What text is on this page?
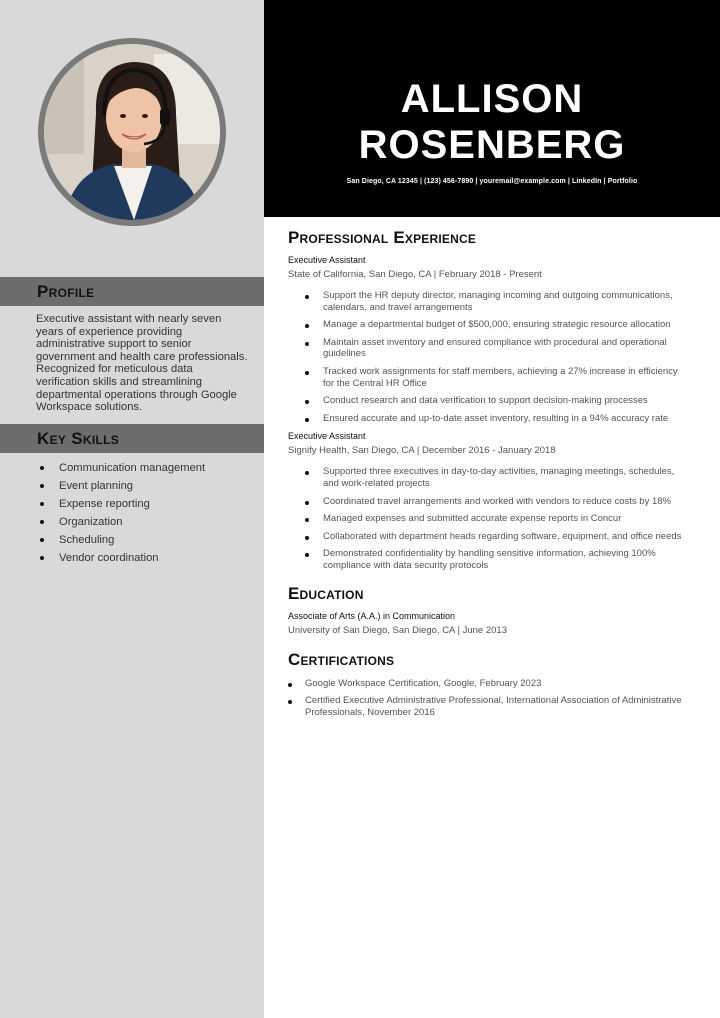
Profile
Executive assistant with nearly seven years of experience providing administrative support to senior government and health care professionals. Recognized for meticulous data verification skills and streamlining departmental operations through Google Workspace solutions.
Key Skills
Communication management
Event planning
Expense reporting
Organization
Scheduling
Vendor coordination
ALLISON
ROSENBERG
San Diego, CA 12345 | (123) 456-7890 | youremail@example.com | LinkedIn | Portfolio
Professional Experience
Executive Assistant
State of California, San Diego, CA | February 2018 - Present
Support the HR deputy director, managing incoming and outgoing communications, calendars, and travel arrangements
Manage a departmental budget of $500,000, ensuring strategic resource allocation
Maintain asset inventory and ensured compliance with procedural and operational guidelines
Tracked work assignments for staff members, achieving a 27% increase in efficiency for the Central HR Office
Conduct research and data verification to support decision-making processes
Ensured accurate and up-to-date asset inventory, resulting in a 94% accuracy rate
Executive Assistant
Signify Health, San Diego, CA | December 2016 - January 2018
Supported three executives in day-to-day activities, managing meetings, schedules, and work-related projects
Coordinated travel arrangements and worked with vendors to reduce costs by 18%
Managed expenses and submitted accurate expense reports in Concur
Collaborated with department heads regarding software, equipment, and office needs
Demonstrated confidentiality by handling sensitive information, achieving 100% compliance with data security protocols
Education
Associate of Arts (A.A.) in Communication
University of San Diego, San Diego, CA | June 2013
Certifications
Google Workspace Certification, Google, February 2023
Certified Executive Administrative Professional, International Association of Administrative Professionals, November 2016
